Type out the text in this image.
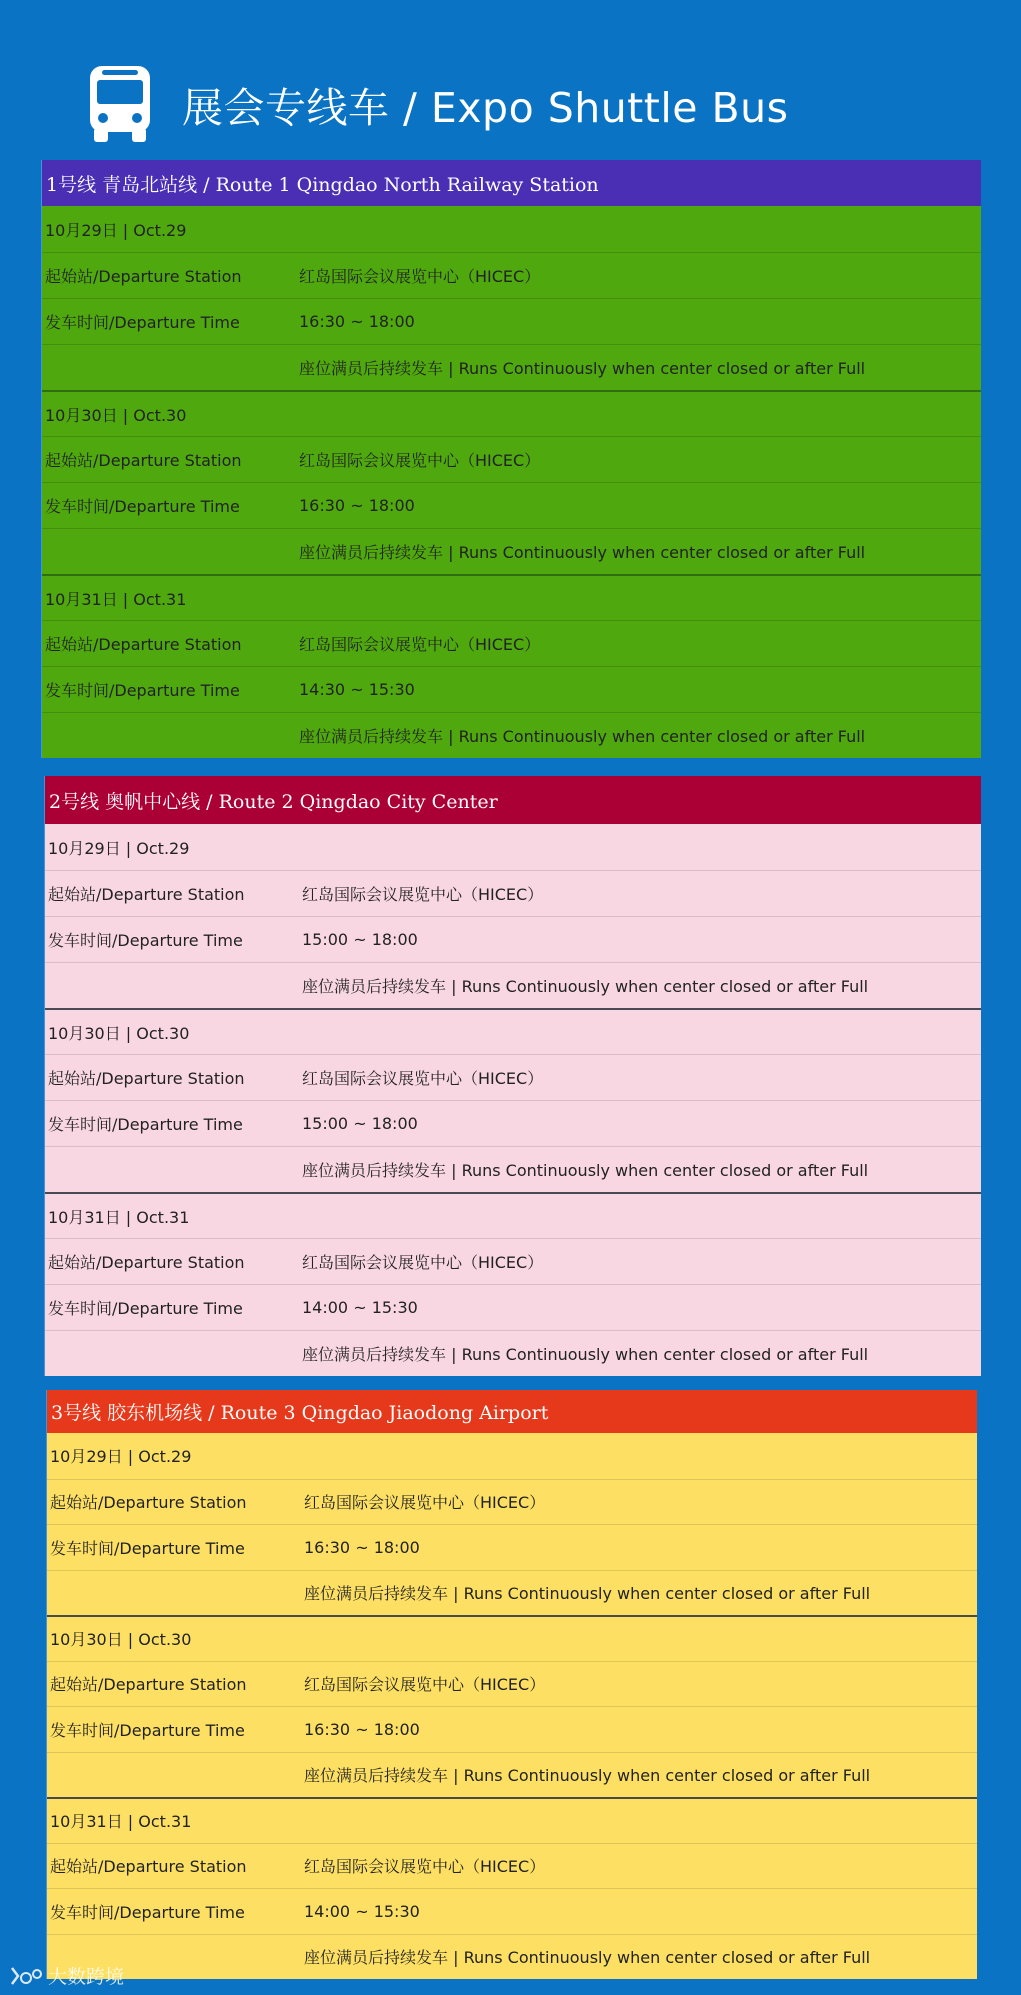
展会专线车 / Expo Shuttle Bus
1号线 青岛北站线 / Route 1 Qingdao North Railway Station
10月29日 | Oct.29
起始站/Departure Station	红岛国际会议展览中心（HICEC）
发车时间/Departure Time	16:30 ~ 18:00
座位满员后持续发车 | Runs Continuously when center closed or after Full
10月30日 | Oct.30
起始站/Departure Station	红岛国际会议展览中心（HICEC）
发车时间/Departure Time	16:30 ~ 18:00
座位满员后持续发车 | Runs Continuously when center closed or after Full
10月31日 | Oct.31
起始站/Departure Station	红岛国际会议展览中心（HICEC）
发车时间/Departure Time	14:30 ~ 15:30
座位满员后持续发车 | Runs Continuously when center closed or after Full
2号线 奥帆中心线 / Route 2 Qingdao City Center
10月29日 | Oct.29
起始站/Departure Station	红岛国际会议展览中心（HICEC）
发车时间/Departure Time	15:00 ~ 18:00
座位满员后持续发车 | Runs Continuously when center closed or after Full
10月30日 | Oct.30
起始站/Departure Station	红岛国际会议展览中心（HICEC）
发车时间/Departure Time	15:00 ~ 18:00
座位满员后持续发车 | Runs Continuously when center closed or after Full
10月31日 | Oct.31
起始站/Departure Station	红岛国际会议展览中心（HICEC）
发车时间/Departure Time	14:00 ~ 15:30
座位满员后持续发车 | Runs Continuously when center closed or after Full
3号线 胶东机场线 / Route 3 Qingdao Jiaodong Airport
10月29日 | Oct.29
起始站/Departure Station	红岛国际会议展览中心（HICEC）
发车时间/Departure Time	16:30 ~ 18:00
座位满员后持续发车 | Runs Continuously when center closed or after Full
10月30日 | Oct.30
起始站/Departure Station	红岛国际会议展览中心（HICEC）
发车时间/Departure Time	16:30 ~ 18:00
座位满员后持续发车 | Runs Continuously when center closed or after Full
10月31日 | Oct.31
起始站/Departure Station	红岛国际会议展览中心（HICEC）
发车时间/Departure Time	14:00 ~ 15:30
座位满员后持续发车 | Runs Continuously when center closed or after Full
大数跨境
